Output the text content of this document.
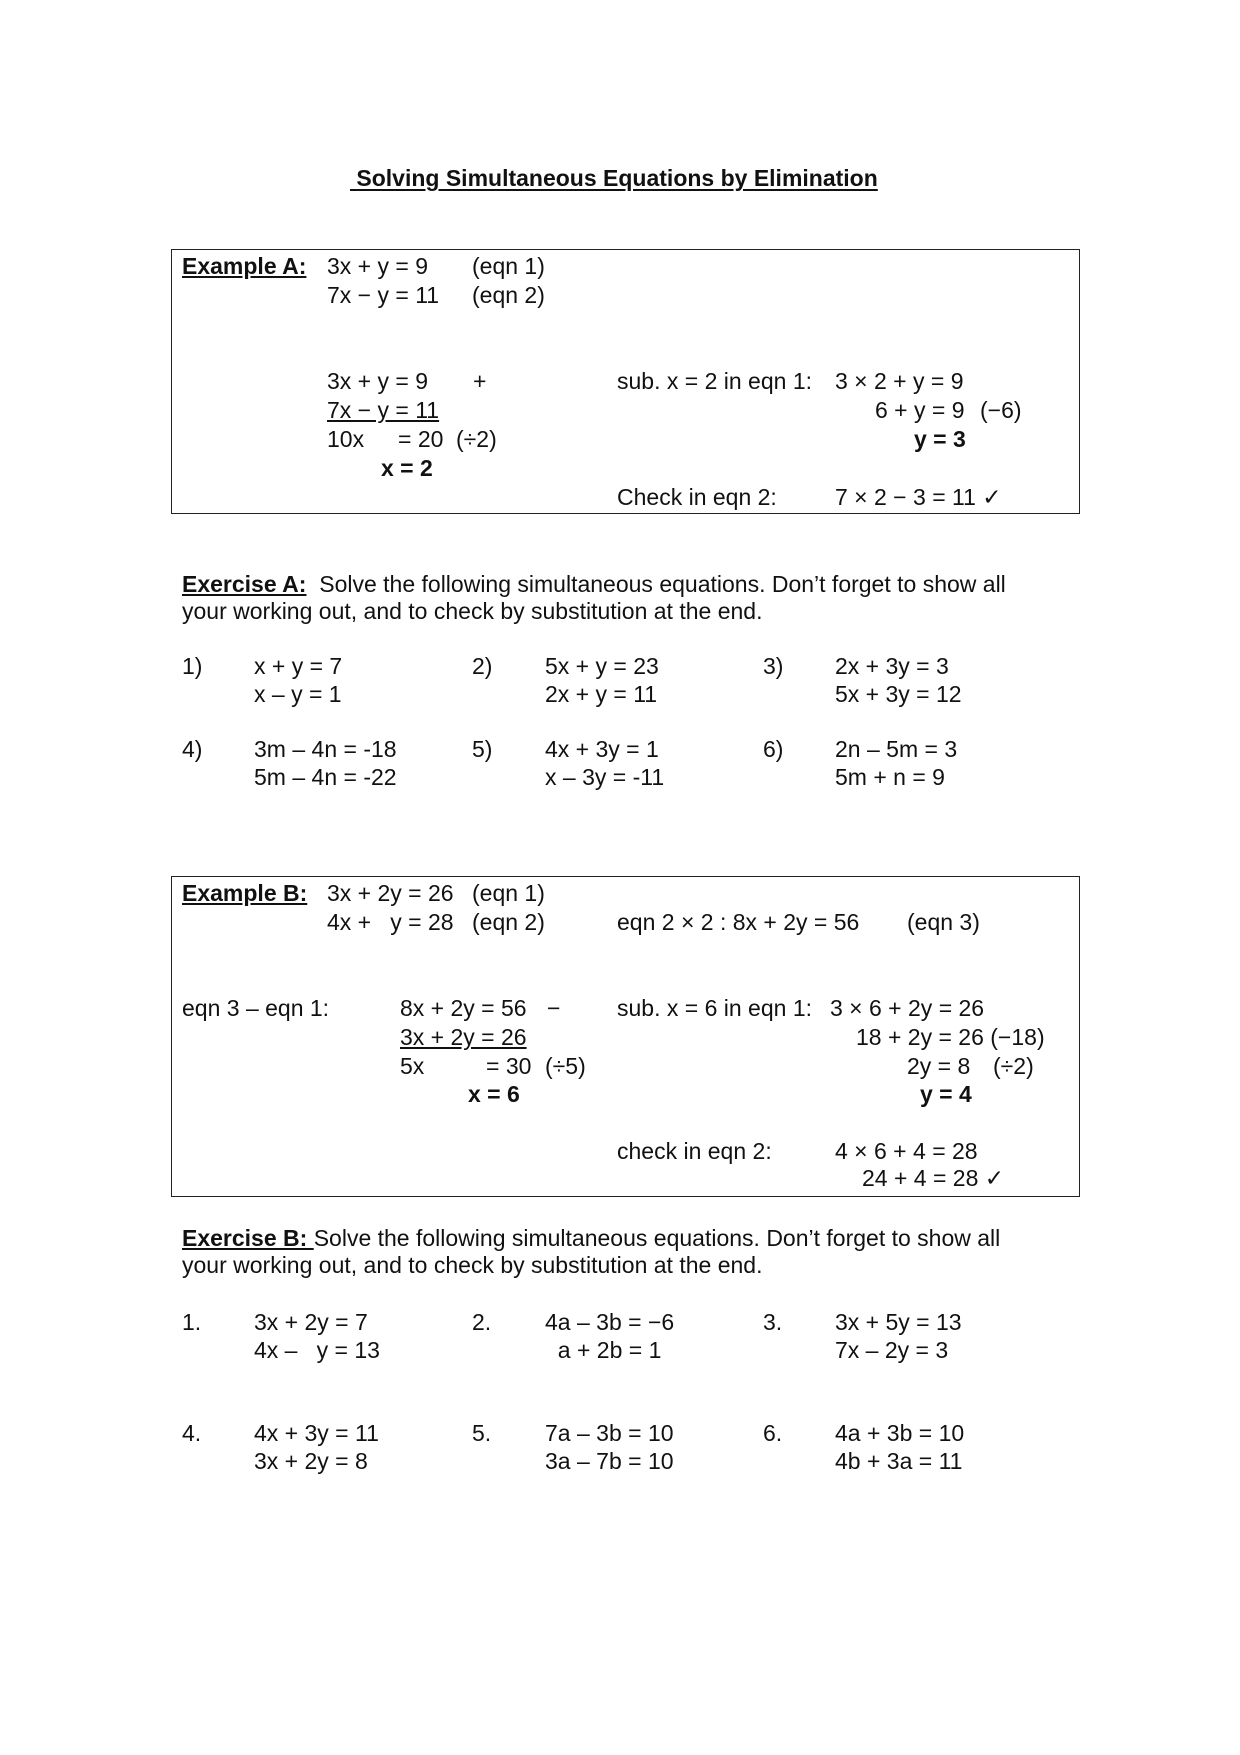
Solving Simultaneous Equations by Elimination
Example A: 3x + y = 9 (eqn 1)
7x − y = 11 (eqn 2)
3x + y = 9 +
7x − y = 11
10x = 20 (÷2)
x = 2
sub. x = 2 in eqn 1: 3 × 2 + y = 9
6 + y = 9 (−6)
y = 3
Check in eqn 2:	7 × 2 − 3 = 11 ✓
Exercise A:  Solve the following simultaneous equations. Don’t forget to show all
your working out, and to check by substitution at the end.
1) x + y = 7
x – y = 1
2) 5x + y = 23
2x + y = 11
3) 2x + 3y = 3
5x + 3y = 12
4) 3m – 4n = -18
5m – 4n = -22
5) 4x + 3y = 1
x – 3y = -11
6) 2n – 5m = 3
5m + n = 9
Example B: 3x + 2y = 26 (eqn 1)
4x +   y = 28 (eqn 2)	eqn 2 × 2 : 8x + 2y = 56 (eqn 3)
eqn 3 – eqn 1:	8x + 2y = 56 −
3x + 2y = 26
5x	= 30 (÷5)
x = 6
sub. x = 6 in eqn 1: 3 × 6 + 2y = 26
18 + 2y = 26 (−18)
2y = 8 (÷2)
y = 4
check in eqn 2:	4 × 6 + 4 = 28
24 + 4 = 28 ✓
Exercise B: Solve the following simultaneous equations. Don’t forget to show all
your working out, and to check by substitution at the end.
1. 3x + 2y = 7
4x –   y = 13
2. 4a – 3b = −6
a + 2b = 1
3. 3x + 5y = 13
7x – 2y = 3
4. 4x + 3y = 11
3x + 2y = 8
5. 7a – 3b = 10
3a – 7b = 10
6. 4a + 3b = 10
4b + 3a = 11
